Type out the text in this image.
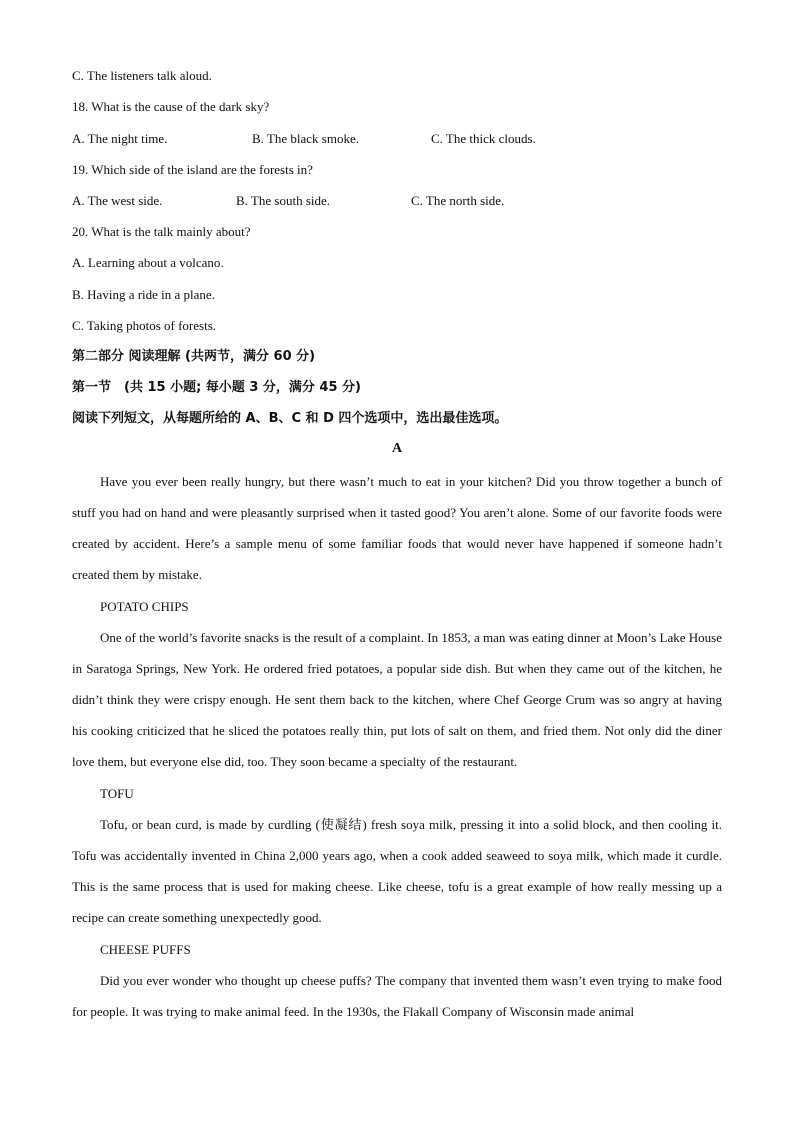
C. The listeners talk aloud.
18. What is the cause of the dark sky?
A. The night time.	B. The black smoke.	C. The thick clouds.
19. Which side of the island are the forests in?
A. The west side.	B. The south side.	C. The north side.
20. What is the talk mainly about?
A. Learning about a volcano.
B. Having a ride in a plane.
C. Taking photos of forests.
第二部分 阅读理解 (共两节，满分 60 分)
第一节　(共 15 小题; 每小题 3 分，满分 45 分)
阅读下列短文，从每题所给的 A、B、C 和 D 四个选项中，选出最佳选项。
A

Have you ever been really hungry, but there wasn’t much to eat in your kitchen? Did you throw together a bunch of stuff you had on hand and were pleasantly surprised when it tasted good? You aren’t alone. Some of our favorite foods were created by accident. Here’s a sample menu of some familiar foods that would never have happened if someone hadn’t created them by mistake.

POTATO CHIPS

One of the world’s favorite snacks is the result of a complaint. In 1853, a man was eating dinner at Moon’s Lake House in Saratoga Springs, New York. He ordered fried potatoes, a popular side dish. But when they came out of the kitchen, he didn’t think they were crispy enough. He sent them back to the kitchen, where Chef George Crum was so angry at having his cooking criticized that he sliced the potatoes really thin, put lots of salt on them, and fried them. Not only did the diner love them, but everyone else did, too. They soon became a specialty of the restaurant.

TOFU

Tofu, or bean curd, is made by curdling (使凝结) fresh soya milk, pressing it into a solid block, and then cooling it. Tofu was accidentally invented in China 2,000 years ago, when a cook added seaweed to soya milk, which made it curdle. This is the same process that is used for making cheese. Like cheese, tofu is a great example of how really messing up a recipe can create something unexpectedly good.

CHEESE PUFFS

Did you ever wonder who thought up cheese puffs? The company that invented them wasn’t even trying to make food for people. It was trying to make animal feed. In the 1930s, the Flakall Company of Wisconsin made animal
